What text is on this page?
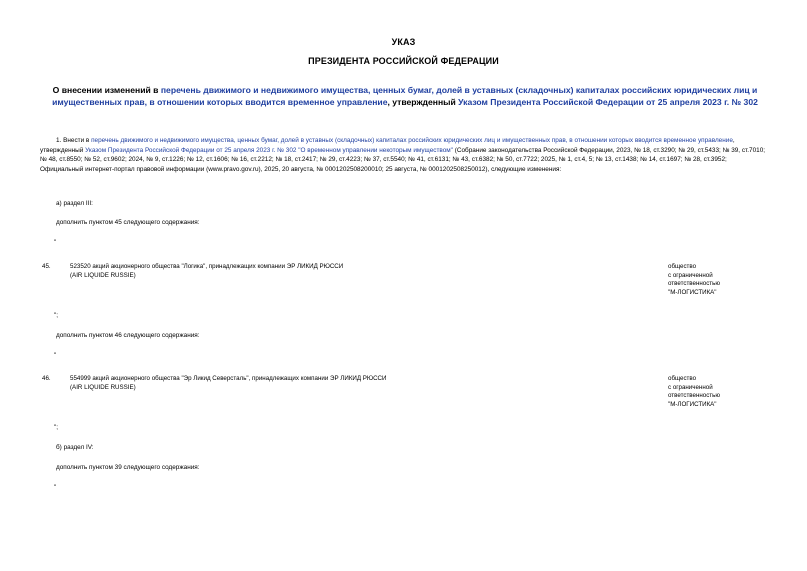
УКАЗ
ПРЕЗИДЕНТА РОССИЙСКОЙ ФЕДЕРАЦИИ
О внесении изменений в перечень движимого и недвижимого имущества, ценных бумаг, долей в уставных (складочных) капиталах российских юридических лиц и имущественных прав, в отношении которых вводится временное управление, утвержденный Указом Президента Российской Федерации от 25 апреля 2023 г. № 302
1. Внести в перечень движимого и недвижимого имущества, ценных бумаг, долей в уставных (складочных) капиталах российских юридических лиц и имущественных прав, в отношении которых вводится временное управление, утвержденный Указом Президента Российской Федерации от 25 апреля 2023 г. № 302 "О временном управлении некоторым имуществом" (Собрание законодательства Российской Федерации, 2023, № 18, ст.3290; № 29, ст.5433; № 39, ст.7010; № 48, ст.8550; № 52, ст.9602; 2024, № 9, ст.1226; № 12, ст.1606; № 16, ст.2212; № 18, ст.2417; № 29, ст.4223; № 37, ст.5540; № 41, ст.6131; № 43, ст.6382; № 50, ст.7722; 2025, № 1, ст.4, 5; № 13, ст.1438; № 14, ст.1697; № 28, ст.3952; Официальный интернет-портал правовой информации (www.pravo.gov.ru), 2025, 20 августа, № 0001202508200010; 25 августа, № 0001202508250012), следующие изменения:
а) раздел III:
дополнить пунктом 45 следующего содержания:
"
45.	523520 акций акционерного общества "Логика", принадлежащих компании ЭР ЛИКИД РЮССИ
(AIR LIQUIDE RUSSIE)
общество
с ограниченной
ответственностью
"М-ЛОГИСТИКА"
";
дополнить пунктом 46 следующего содержания:
"
46.	554999 акций акционерного общества "Эр Ликид Северсталь", принадлежащих компании ЭР ЛИКИД РЮССИ
(AIR LIQUIDE RUSSIE)
общество
с ограниченной
ответственностью
"М-ЛОГИСТИКА"
";
б) раздел IV:
дополнить пунктом 39 следующего содержания:
"
